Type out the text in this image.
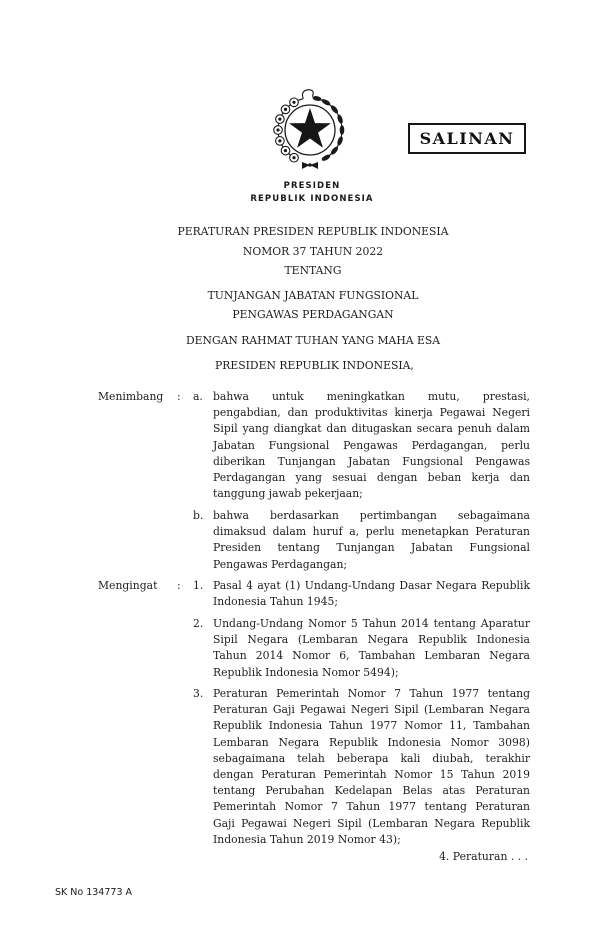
SALINAN
PRESIDEN
REPUBLIK INDONESIA
PERATURAN PRESIDEN REPUBLIK INDONESIA
NOMOR 37 TAHUN 2022
TENTANG
TUNJANGAN JABATAN FUNGSIONAL
PENGAWAS PERDAGANGAN
DENGAN RAHMAT TUHAN YANG MAHA ESA
PRESIDEN REPUBLIK INDONESIA,
Menimbang : a. bahwa untuk meningkatkan mutu, prestasi,
pengabdian, dan produktivitas kinerja Pegawai Negeri
Sipil yang diangkat dan ditugaskan secara penuh dalam
Jabatan Fungsional Pengawas Perdagangan, perlu
diberikan Tunjangan Jabatan Fungsional Pengawas
Perdagangan yang sesuai dengan beban kerja dan
tanggung jawab pekerjaan;
b. bahwa berdasarkan pertimbangan sebagaimana
dimaksud dalam huruf a, perlu menetapkan Peraturan
Presiden tentang Tunjangan Jabatan Fungsional
Pengawas Perdagangan;
Mengingat : 1. Pasal 4 ayat (1) Undang-Undang Dasar Negara Republik
Indonesia Tahun 1945;
2. Undang-Undang Nomor 5 Tahun 2014 tentang Aparatur
Sipil Negara (Lembaran Negara Republik Indonesia
Tahun 2014 Nomor 6, Tambahan Lembaran Negara
Republik Indonesia Nomor 5494);
3. Peraturan Pemerintah Nomor 7 Tahun 1977 tentang
Peraturan Gaji Pegawai Negeri Sipil (Lembaran Negara
Republik Indonesia Tahun 1977 Nomor 11, Tambahan
Lembaran Negara Republik Indonesia Nomor 3098)
sebagaimana telah beberapa kali diubah, terakhir
dengan Peraturan Pemerintah Nomor 15 Tahun 2019
tentang Perubahan Kedelapan Belas atas Peraturan
Pemerintah Nomor 7 Tahun 1977 tentang Peraturan
Gaji Pegawai Negeri Sipil (Lembaran Negara Republik
Indonesia Tahun 2019 Nomor 43);
4. Peraturan . . .
SK No 134773 A
